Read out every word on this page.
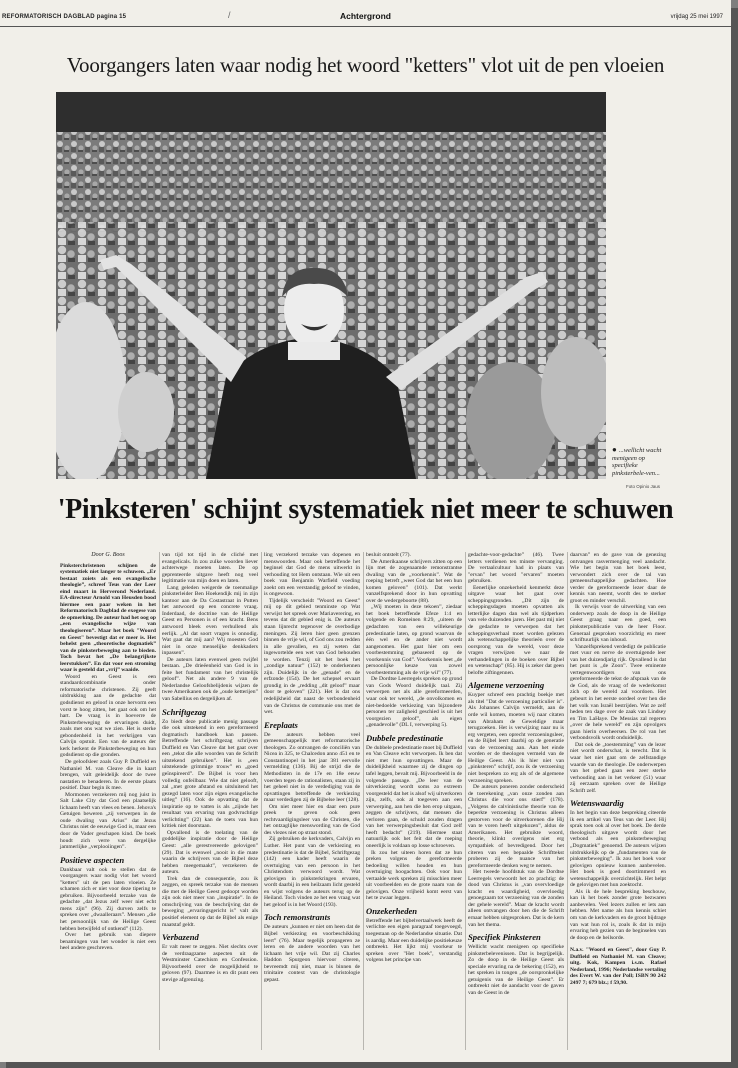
REFORMATORISCH DAGBLAD pagina 15	/	Achtergrond	vrijdag 25 mei 1997
Voorgangers laten waar nodig het woord "ketters" vlot uit de pen vloeien
● ...wellicht wacht menigeen op specifieke pinksterbele-ven...
Foto Opinio Jaus
'Pinksteren' schijnt systematiek niet meer te schuwen

Door G. Boos

Pinksterchristenen schijnen de systematiek niet langer te schuwen. „Er bestaat zoiets als een evangelische theologie”, schreef Teus van der Leer eind maart in Herverond Nederland. EA-directeur Arnold van Heusden bood hiermee een paar weken in het Reformatorisch Dagblad de exegese van de opmerking. De auteur had het oog op „een evangelische wijze van theologiseren”. Maar het boek "Woord en Geest" bevestigt dat er meer is. Het behelst geen „theoretische dogmatiek” van de pinksterbeweging aan te bieden. Toch bevat het „De belangrijkste leerstukken”. En dat voor een stroming waar is gesteld dat „vrij” waaide.

Woord en Geest is een standaardcombinatie onder reformatorische christenen. Zij geeft uitdrukking aan de gedachte dat godsdienst en geloof in onze hervorm een vorst te hoog zitten, het gaat ook om het hart. De vraag is in hoeverre de Pinksterbeweging de ervaringen duidt, zoals met ons wat we zien. Het is sterke gebondenheid in het verkrijgen van Calvijn opstuit. Een van de auteurs der kerk herkent de Pinksterbeweging en hun godsdienst op die gronden.

De geloofsleer zoals Guy P. Duffield en Nathaniel M. van Cleave die in kaart brengen, valt geleidelijk door de twee nastatien te benaderen. In de eerste plaats positief. Daar begin ik mee.

Mormonen verzekeren mij nog juist in Salt Lake City dat God een plaatselijk lichaam heeft van vlees en benen. Jehova's Getuigen beweren „zij verwerpen in de oude dwaling van Arius” dat Jezus Christus niet de eeuwige God is, maar een door de Vader geschapen kind. De boek houdt zich verre van dergelijke jammerlijke „verplooiingen”.

Positieve aspecten

Dankbaar valt ook te stellen dat de voorgangers waar nodig vlot het woord "ketters" uit de pen laten vloeien. Ze schamen zich er niet voor deze tipering te gebruiken. Bijvoorbeeld terzake van de gedachte „dat Jezus zelf weer niet echt mens zijn” (96). Zij durven zelfs te spreken over „dwaalleraars”. Mensen „die het persoonlijk van de Heilige Geest hebben betwijfeld of ontkend” (112).

Over het gebruik van diepere benamingen van het wonder is niet een heel andere geschreven.

van tijd tot tijd in de cliché met evangelicals. In zou zulke woorden liever achterwege moeten laten. De op geprenteerde uitgave heeft nog veel legitimatie van mijn doen en laten.

Lang geleden weigerde de toenmalige pinksterleider Ben Hoekendijk mij in zijn kantoor aan de Da Costastraat in Putten het antwoord op een concrete vraag. Inderdaad, de doctrine van de Heilige Geest en Personen is of een kracht. Bens antwoord bleek even verhullend als eerlijk. „Al dat soort vragen is onnodig. Wat gaat dat mij aan? Wij moesten God niet in onze menselijke denkkaders inpassen”.

De auteurs laten evenwel geen twijfel bestaan. „De drieëenheid van God is in feite het fundament van het christelijk geloof”. Net als andere 9 van de Nederlandse Geloofsbelijdenis wijzen de twee Amerikanen ook de „oude ketterijen” van Sabellius en dergelijken af.

Schriftgezag

Zo biedt deze publicatie menig passage die ook uitstekend in een gereformeerd dogmatisch handboek kan passen. Betreffende het schriftgezag schrijven Duffield en Van Cleave dat het gaat over een „tekst die alle woorden van de Schrift uitstekend gebruiken”. Het is „een uitstekende grimmige trouw” en „goed geïnspireerd”. De Bijbel is voor hen volledig onfeilbaar. Wie dat niet gelooft, zal „met grote afstand en uitsluitend het gezegd laten voor zijn eigen evangelische uitleg” (16). Ook de opvatting dat de inspiratie op te vatten is als „zijnde het resultaat van ervaring van godvruchtige verlichting” (22) kan de toets van hun kritiek niet doorstaan.

Opvallend is de toelating van de goddelijke inspiratie door de Heilige Geest: „alle gerestvereerde gelovigen” (29). Dat is evenwel „nooit in die mate waarin de schrijvers van de Bijbel deze hebben meegemaakt”, verzekeren de auteurs.

Trek dan de consequentie, zou ik zeggen, en spreek terzake van de mensen die met de Heilige Geest gedoopt worden zijn ook niet meer van „inspiratie”. In de omschrijving van de beschrijving dat de beweging „ervaringsgericht is” valt als positief element op dat de Bijbel als enige maatstaf geldt.

Verbazend

Er valt meer te zeggen. Niet slechts over de verdraagzame aspecten uit de Westminster Catechism en Confession. Bijvoorbeeld over de mogelijkheid te geloven (97). Daarmee is en dit punt een stevige afgrenzing.

ling verzekerd terzake van dopenen en menswoorden. Maar ook betreffende het beginsel dat God de mens uitwerkt in verhouding tot Hem ontstaan. Wie uit een boek van Benjamin Warfield voeding zoekt om een verstandig geloof te vinden, is ongewoon.

Tijdelijk verscheidt "Woord en Geest" mij op dit gebied tenminste op Wat verwijst het spreek over Mariaverering, en tevens dat dit gebied enig is. De auteurs staan lijnrecht tegenover de overbodige meningen. Zij leren hier geen grenzen binnen de vrije wil, of God ons zou redden in alle gevallen, en zij weten dat ingewortelde een wet van God behouden te worden. Tenzij uit het boek het „zondige natuur” (152) te onderkennen zijn. Duidelijk in de „genade” en de erfzonde (154). De het schepsel ervaart grondig in de „redding „dit geloof” maar door te geloven” (221). Het is dat ons redelijkheid dat naast de verbondenheid van de Christus de communie ons met de wet.

Ereplaats

De auteurs hebben veel gemeenschappelijk met reformatorische theologen. Zo ontvangen de conciliën van Nicea in 325, te Chalcedon anno 451 en te Constantinopel in het jaar 381 eervolle vermelding (136). Bij de strijd die de Methodisten in de 17e en 18e eeuw voerden tegen de rationalisten, staan zij in het geheel niet in de verdediging van de opvattingen betreffende de verkiezing maar verdedigen zij de Bijbelse leer (128).

Om niet meer hier en daar een pure preek te geven ook geen rechtvaardigingsleer van de Christen, die het ontzaglijke menswording van de God des vlezes niet op straat stond.

Zij gebruiken de kerkvaders, Calvijn en Luther. Het punt van de verkiezing en predestinatie is dat de Bijbel, Schriftgezag (142) een kader heeft waarin de overtuiging van een persoon in het Christendom verwoord wordt. Wat gelovigen in pinksterkringen ervaren, wordt daarbij in een heilzaam licht gesteld en wijst volgens de auteurs terug op de Heiland. Toch vinden ze het een vraag wat het geloof is in het Woord (193).

Toch remonstrants

De auteurs „kunnen er niet om heen dat de Bijbel verkiezing en voorbeschikking leert” (76). Maar tegelijk propageren ze leren en de andere woorden van het lichaam het vrije wil. Dat zij Charles Haddon Spurgeon hiervoor citeren, bevreemdt mij niet, maar is binnen de trinitaire context van de christologie gepast.

besluit ontstelt (77).

De Amerikaanse schrijvers zitten op een lijn met de zogenaamde remonstrantse dwaling van de „voorkennis”. Wat de roeping betreft „weet God dat het een hun komen geloven” (101). Dat werkt vanzelfsprekend door in hun opvatting over de wedergeboorte (88).

„Wij moeten in deze tekoen”, ziedaar het boek betreffende Efeze 1:4 en volgende en Romeinen 8:29, „uiteen de gedachten van een willekeurige predestinatie laten, op grond waarvan de één wel en de ander niet wordt aangenomen. Het gaat hier om een voorbestemming gebaseerd op de voorkennis van God”. Voorkennis heet „de persoonlijke keuze van zowel voorbestemming als de vrije wil” (77).

De Dordtse Leerregels spreken op grond van Gods Woord duidelijk taal. Zij verwerpen net als alle gereformeerden, waar ook ter wereld, „de onvolkomen en niet-bedoelde verkiezing van bijzondere personen ter zaligheid geschied is uit het voorgezien geloof”, als eigen „genadevolle” (DL I, verwerping 5).

Dubbele predestinatie

De dubbele predestinatie moet bij Duffield en Van Cleave echt verworpen. Ik ben dat niet met hun opvattingen. Maar de duidelijkheid waarmee zij de dingen op tafel leggen, bevalt mij. Bijvoorbeeld in de volgende passage. „De leer van de uitverkiezing wordt soms zo extreem voorgesteld dat het is alsof wij uitverkoren zijn, zelfs, ook al toegeven aan een verwerping, aan hen die hen erop uitgaan, zeggen de schrijvers, dat mensen die verloren gaan, de schuld zouden dragen van het verwerpingsbesluit dat God zelf heeft bedacht” (219). Hiermee staat natuurlijk ook het feit dat de roeping oneerlijk is voldaan op losse schroeven.

Ik zou het uiteen horen dat ze hun preken volgens de gereformeerde bedoeling willen houden en hun overtuiging hoogachten. Ook voor hun vertaalde werk spreken zij misschien meer uit voorbeelden en de grote naam van de gelovigen. Onze vrijheid komt eerst van het te zwaar leggen.

Onzekerheden

Betreffende het bijbelvertaalwerk heeft de verlichte een eigen paragraaf toegevoegd, toegestaan op de Nederlandse situatie. Dat is aardig. Maar een duidelijke positiekeuze ontbreekt. Het lijkt mij voorkeur te spreken over "Het boek", verstandig volgens het principe van

gedachte-voor-gedachte” (46). Twee letters verdienen ten minste vervanging. De vertaalcultuur had in plaats van "ervan" het woord "ervaren" moeten gebruiken.

Eenerlijke onzekerheid kenmerkt deze uitgave waar het gaat over scheppingsgronden. „Dit zijn de scheppingsdagen moeten opvatten als letterlijke dagen dan wel als tijdperken van vele duizenden jaren. Het past mij niet de gedachte te verwerpen dat het scheppingsverhaal moet worden gelezen als wetenschappelijke theorieën over de oorsprong van de wereld, voor deze vragen verwijzen we naar de verhandelingen in de boeken over Bijbel en wetenschap” (85). Hij is zeker dat geen belofte ziftingennen.

Algemene verzoening

Kuyper schreef een prachtig boekje met als titel "Dat de verzoening particulier is". Als Johannes Calvijn vermeldt, aan de orde wil komen, moeten wij naar citaten van Abraham de Geweldige maar terugzoeken. Het is verwijzing naar nu is erg vergeten, een oprecht verzoeningsleer, en de Bijbel leert daarbij op de generatie van de verzoening aan. Aan het einde worden er de theologen vermeld van de Heilige Geest. Als ik hier niet van „pinksteren” schrijf, zou ik de verzoening niet bespreken zo erg als of de algemene verzoening spreken.

De auteurs poneren zonder onderscheid de toerekening „van onze zonden aan Christus die voor ons stierf” (178). „Volgens de calvinistische theorie van de beperkte verzoening is Christus alleen gestorven voor de uitverkorenen die Hij van te voren heeft uitgekozen”, aldus de Amerikanen. Het gebruikte woord, theorie, klinkt overigens niet erg sympathiek of bevredigend. Door het citeren van een bepaalde Schrifttekst proberen zij de nuance van het gereformeerde denken weg te nemen.

Het tweede hoofdstuk van de Dordtse Leerregels verwoordt het zo prachtig: de dood van Christus is „van overvloedige kracht en waardigheid, overvloedig genoegzaam tot verzoening van de zonden der gehele wereld”. Maar de kracht wordt alleen ontvangen door hen die de Schrift ernaar hebben uitgesproken. Dat is de kern van het thema.

Specifiek Pinksteren

Wellicht wacht menigeen op specifieke pinksterbelevenissen. Dat is begrijpelijk. Zo de doop in de Heilige Geest als speciale ervaring na de bekering (152), en het spreken in tongen „de oorspronkelijke getuigenis van de Heilige Geest”. Er ontbreekt niet de aandacht voor de gaven van de Geest in de

daarvan” en de gave van de genezing ontvangen rasvermenging veel aandacht. Wie het begin van het boek leest, verwondert zich over de tal van gemeenschappelijke gedachten. Hoe verder de gereformeerde lezer daar de kennis van neemt, wordt des te sterker groot en minder verschil.

Ik verwijs voor de uitwerking van een onderwerp zoals de doop in de Heilige Geest graag naar een goed, een pinksterpublicatie van de heer Floor. Generaal gesproken voorzichtig en meer schriftuurlijk van inhoud.

Vanzelfsprekend verdedigt de publicatie met vuur en nerve de overtuigende leer van het duizendjarig rijk. Opvallend is dat het punt is „de Zoon”. Twee eminente vertegenwoordigers van ons gereformeerde de tekst de afspraak van de de God, als de vraag of de wederkomst zich op de wereld zal voordoen. Het gebeurt in het eerste oordeel over hen die het volk van Israël bestrijden. Wat ze zelf heden ten dage over de zaak van Lindsey en Tim LaHaye. De Messias zal regeren „over de hele wereld” en zijn opvolgers gaan hierin overheersen. De rol van het verbondsvolk wordt onduidelijk.

Dat ook de „toestemming” van de lezer niet wordt onderschat, is terecht. Dat is waar het niet gaat om de zelfstandige waarde van de theologie. De onderwerpen van het gebed gaan een zeer sterke verhouding aan in het verkeer (51) waar zij eerzaam spreken over de Heilige Schrift zelf.

Wetenswaardig

In het begin van deze bespreking citeerde ik een artikel van Teus van der Leer. Hij sprak toen ook al over het boek. De derde theologisch uitgave wordt door het verbond als een pinksterbeweging „Dogmatiek” genoemd. De auteurs wijzen uitdrukkelijk op de „fundamenten van de pinksterbeweging”. Ik zou het boek voor gelovigen opnieuw kunnen aanbevelen. Het boek is goed doortimmerd en wetenschappelijk overzichtelijk. Het helpt de gelovigen met hun zoektocht.

Als ik de hele bespreking beschouw, kan ik het boek zonder grote bezwaren aanbevelen. Veel lezers zullen er iets aan hebben. Met name als hun kennis schiet om van de kerkvaders en de groot bijdrage van wat hun rol is, zoals ik dat in mijn ervaring heb gezien van de beginselen van de doop en de heilsorde.

N.a.v. "Woord en Geest", door Guy P. Duffield en Nathaniel M. van Cleave; uitg. Kok, Kampen i.s.m. Rafael Nederland, 1996; Nederlandse vertaling des Evert W. van der Poll; ISBN 90 242 2497 7; 679 blz.; f 59,90.
